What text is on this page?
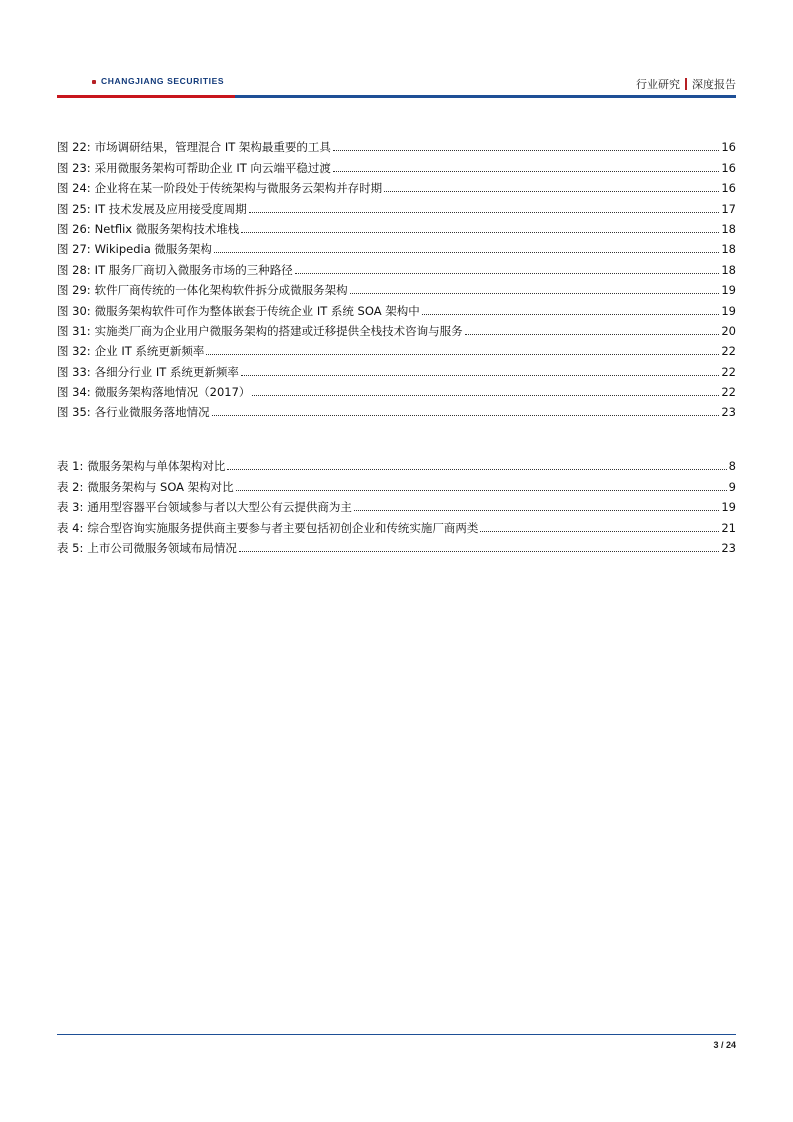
CHANGJIANG SECURITIES	行业研究 深度报告
图 22: 市场调研结果，管理混合 IT 架构最重要的工具	16
图 23: 采用微服务架构可帮助企业 IT 向云端平稳过渡	16
图 24: 企业将在某一阶段处于传统架构与微服务云架构并存时期	16
图 25: IT 技术发展及应用接受度周期	17
图 26: Netflix 微服务架构技术堆栈	18
图 27: Wikipedia 微服务架构	18
图 28: IT 服务厂商切入微服务市场的三种路径	18
图 29: 软件厂商传统的一体化架构软件拆分成微服务架构	19
图 30: 微服务架构软件可作为整体嵌套于传统企业 IT 系统 SOA 架构中	19
图 31: 实施类厂商为企业用户微服务架构的搭建或迁移提供全栈技术咨询与服务	20
图 32: 企业 IT 系统更新频率	22
图 33: 各细分行业 IT 系统更新频率	22
图 34: 微服务架构落地情况（2017）	22
图 35: 各行业微服务落地情况	23
表 1: 微服务架构与单体架构对比	8
表 2: 微服务架构与 SOA 架构对比	9
表 3: 通用型容器平台领域参与者以大型公有云提供商为主	19
表 4: 综合型咨询实施服务提供商主要参与者主要包括初创企业和传统实施厂商两类	21
表 5: 上市公司微服务领域布局情况	23
3 / 24
